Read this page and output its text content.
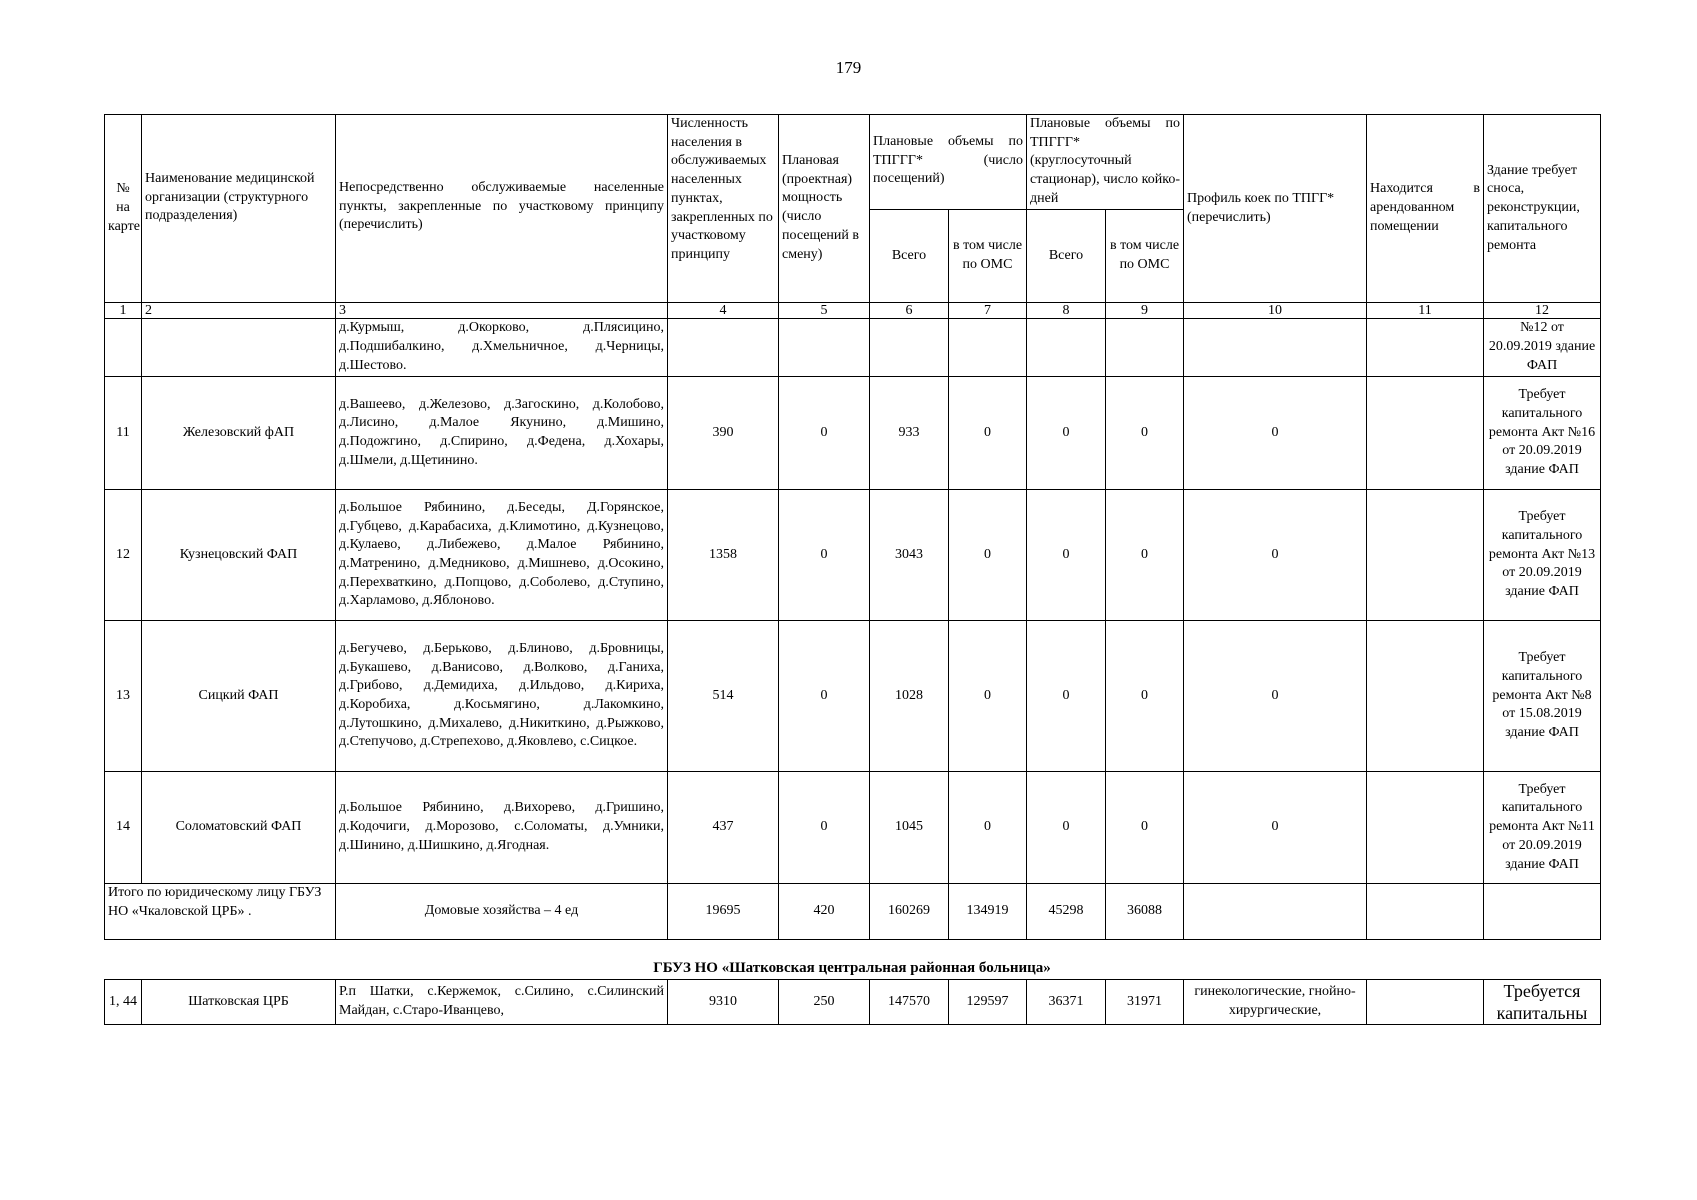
179
№ на карте	Наименование медицинской организации (структурного подразделения)	Непосредственно обслуживаемые населенные пункты, закрепленные по участковому принципу (перечислить)	Численность населения в обслуживаемых населенных пунктах, закрепленных по участковому принципу	Плановая (проектная) мощность (число посещений в смену)	Плановые объемы по ТПГГГ* (число посещений)		Плановые объемы по ТПГГГ* (круглосуточный стационар), число койко-дней		Профиль коек по ТПГГ* (перечислить)	Находится в арендованном помещении	Здание требует сноса, реконструкции, капитального ремонта
					Всего	в том числе по ОМС	Всего	в том числе по ОМС			
1	2	3	4	5	6	7	8	9	10	11	12
		д.Курмыш, д.Окорково, д.Плясицино, д.Подшибалкино, д.Хмельничное, д.Черницы, д.Шестово.									№12 от 20.09.2019 здание ФАП
11	Железовский фАП	д.Вашеево, д.Железово, д.Загоскино, д.Колобово, д.Лисино, д.Малое Якунино, д.Мишино, д.Подожгино, д.Спирино, д.Федена, д.Хохары, д.Шмели, д.Щетинино.	390	0	933	0	0	0	0		Требует капитального ремонта Акт №16 от 20.09.2019 здание ФАП
12	Кузнецовский ФАП	д.Большое Рябинино, д.Беседы, Д.Горянское, д.Губцево, д.Карабасиха, д.Климотино, д.Кузнецово, д.Кулаево, д.Либежево, д.Малое Рябинино, д.Матренино, д.Медниково, д.Мишнево, д.Осокино, д.Перехваткино, д.Попцово, д.Соболево, д.Ступино, д.Харламово, д.Яблоново.	1358	0	3043	0	0	0	0		Требует капитального ремонта Акт №13 от 20.09.2019 здание ФАП
13	Сицкий ФАП	д.Бегучево, д.Берьково, д.Блиново, д.Бровницы, д.Букашево, д.Ванисово, д.Волково, д.Ганиха, д.Грибово, д.Демидиха, д.Ильдово, д.Кириха, д.Коробиха, д.Косьмягино, д.Лакомкино, д.Лутошкино, д.Михалево, д.Никиткино, д.Рыжково, д.Степучово, д.Стрепехово, д.Яковлево, с.Сицкое.	514	0	1028	0	0	0	0		Требует капитального ремонта Акт №8 от 15.08.2019 здание ФАП
14	Соломатовский ФАП	д.Большое Рябинино, д.Вихорево, д.Гришино, д.Кодочиги, д.Морозово, с.Соломаты, д.Умники, д.Шинино, д.Шишкино, д.Ягодная.	437	0	1045	0	0	0	0		Требует капитального ремонта Акт №11 от 20.09.2019 здание ФАП
Итого по юридическому лицу ГБУЗ НО «Чкаловской ЦРБ» .		Домовые хозяйства – 4 ед	19695	420	160269	134919	45298	36088			
ГБУЗ НО «Шатковская центральная районная больница»
1, 44	Шатковская ЦРБ	Р.п Шатки, с.Кержемок, с.Силино, с.Силинский Майдан, с.Старо-Иванцево,	9310	250	147570	129597	36371	31971	гинекологические, гнойно-хирургические,		Требуется капитальны
